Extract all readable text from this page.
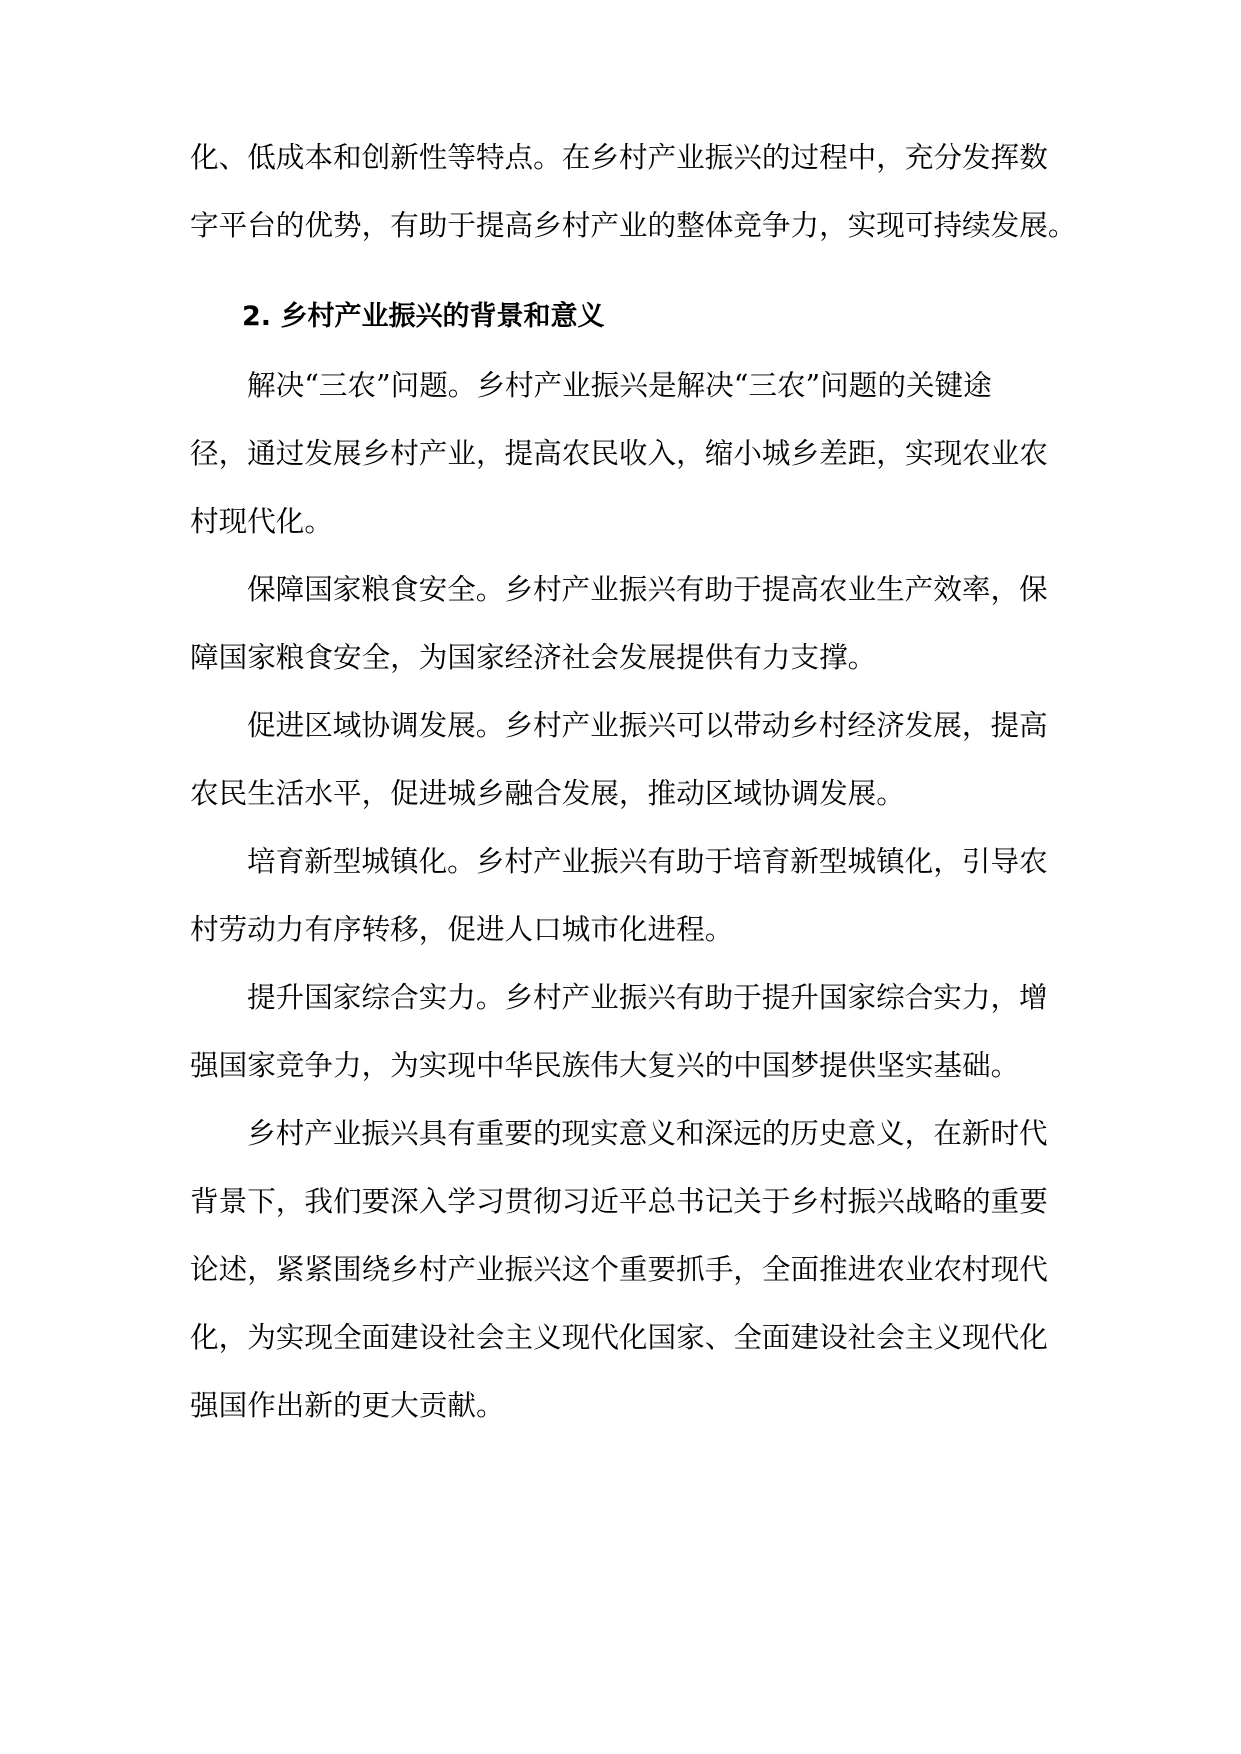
化、低成本和创新性等特点。在乡村产业振兴的过程中，充分发挥数
字平台的优势，有助于提高乡村产业的整体竞争力，实现可持续发展。
2. 乡村产业振兴的背景和意义
解决“三农”问题。乡村产业振兴是解决“三农”问题的关键途
径，通过发展乡村产业，提高农民收入，缩小城乡差距，实现农业农
村现代化。
保障国家粮食安全。乡村产业振兴有助于提高农业生产效率，保
障国家粮食安全，为国家经济社会发展提供有力支撑。
促进区域协调发展。乡村产业振兴可以带动乡村经济发展，提高
农民生活水平，促进城乡融合发展，推动区域协调发展。
培育新型城镇化。乡村产业振兴有助于培育新型城镇化，引导农
村劳动力有序转移，促进人口城市化进程。
提升国家综合实力。乡村产业振兴有助于提升国家综合实力，增
强国家竞争力，为实现中华民族伟大复兴的中国梦提供坚实基础。
乡村产业振兴具有重要的现实意义和深远的历史意义，在新时代
背景下，我们要深入学习贯彻习近平总书记关于乡村振兴战略的重要
论述，紧紧围绕乡村产业振兴这个重要抓手，全面推进农业农村现代
化，为实现全面建设社会主义现代化国家、全面建设社会主义现代化
强国作出新的更大贡献。
